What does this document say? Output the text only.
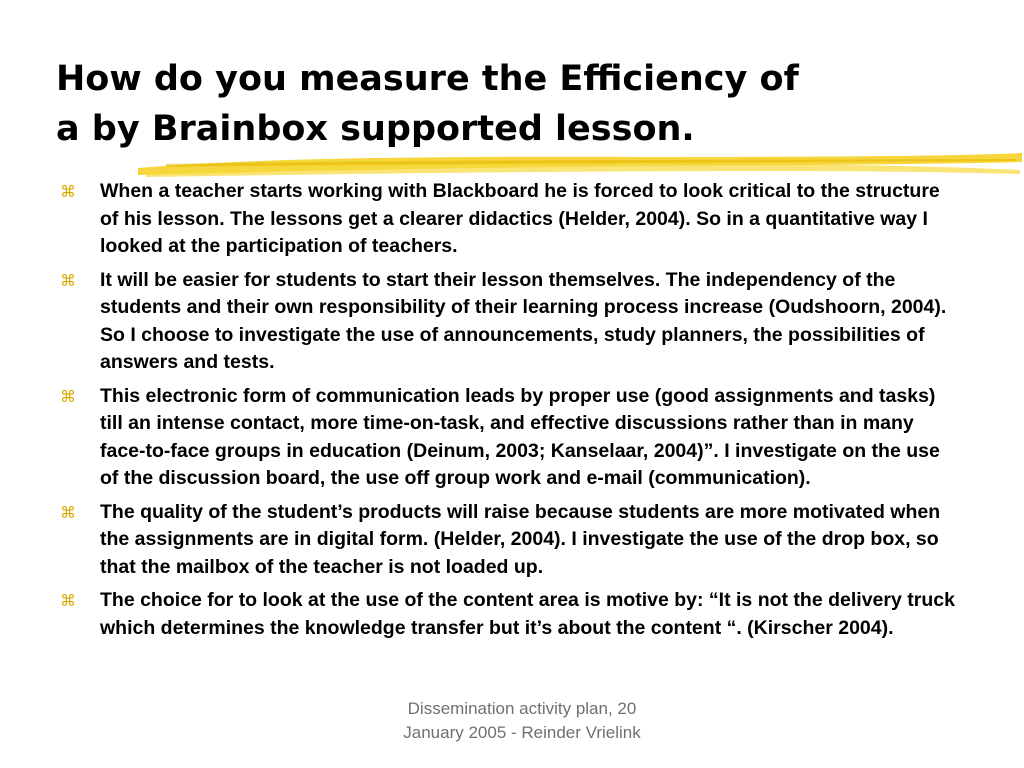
How do you measure the Efficiency of
a by Brainbox supported lesson.
⌘	When a teacher starts working with Blackboard he is forced to look critical to the structure of his lesson. The lessons get a clearer didactics (Helder, 2004). So in a quantitative way I looked at the participation of teachers.
⌘	It will be easier for students to start their lesson themselves. The independency of the students and their own responsibility of their learning process increase (Oudshoorn, 2004). So I choose to investigate the use of announcements, study planners, the possibilities of answers and tests.
⌘	This electronic form of communication leads by proper use (good assignments and tasks) till an intense contact, more time-on-task, and effective discussions rather than in many face-to-face groups in education (Deinum, 2003; Kanselaar, 2004)”. I investigate on the use of the discussion board, the use off group work and e-mail (communication).
⌘	The quality of the student’s products will raise because students are more motivated when the assignments are in digital form. (Helder, 2004). I investigate the use of the drop box, so that the mailbox of the teacher is not loaded up.
⌘	The choice for to look at the use of the content area is motive by: “It is not the delivery truck which determines the knowledge transfer but it’s about the content “. (Kirscher 2004).
Dissemination activity plan, 20
January 2005 - Reinder Vrielink
